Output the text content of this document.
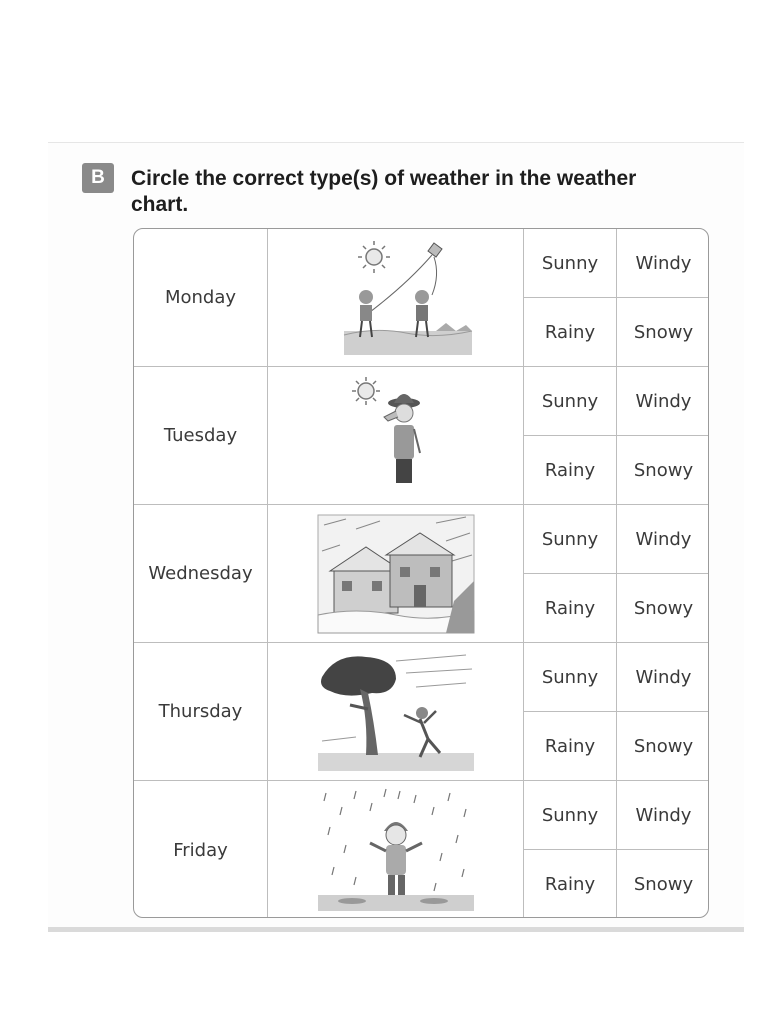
B	Circle the correct type(s) of weather in the weather chart.

Monday
Sunny	Windy
Rainy	Snowy
Tuesday
Sunny	Windy
Rainy	Snowy
Wednesday
Sunny	Windy
Rainy	Snowy
Thursday
Sunny	Windy
Rainy	Snowy
Friday
Sunny	Windy
Rainy	Snowy
